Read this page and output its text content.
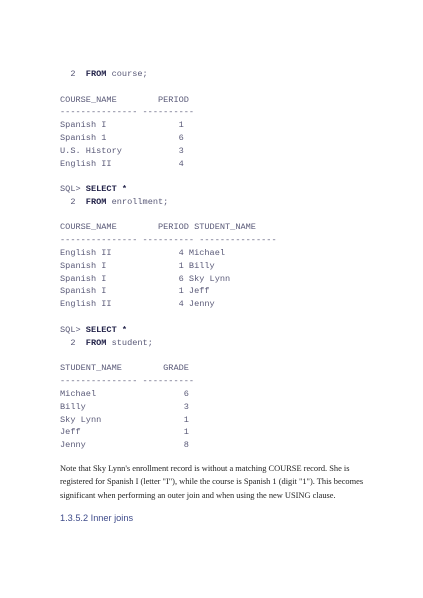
2  FROM course;

COURSE_NAME        PERIOD
--------------- ----------
Spanish I              1
Spanish 1              6
U.S. History           3
English II             4

SQL> SELECT *
2  FROM enrollment;

COURSE_NAME        PERIOD STUDENT_NAME
--------------- ---------- ---------------
English II             4 Michael
Spanish I              1 Billy
Spanish I              6 Sky Lynn
Spanish I              1 Jeff
English II             4 Jenny

SQL> SELECT *
2  FROM student;

STUDENT_NAME        GRADE
--------------- ----------
Michael                 6
Billy                   3
Sky Lynn                1
Jeff                    1
Jenny                   8

Note that Sky Lynn's enrollment record is without a matching COURSE record. She is registered for Spanish I (letter "I"), while the course is Spanish 1 (digit "1"). This becomes significant when performing an outer join and when using the new USING clause.

1.3.5.2 Inner joins
